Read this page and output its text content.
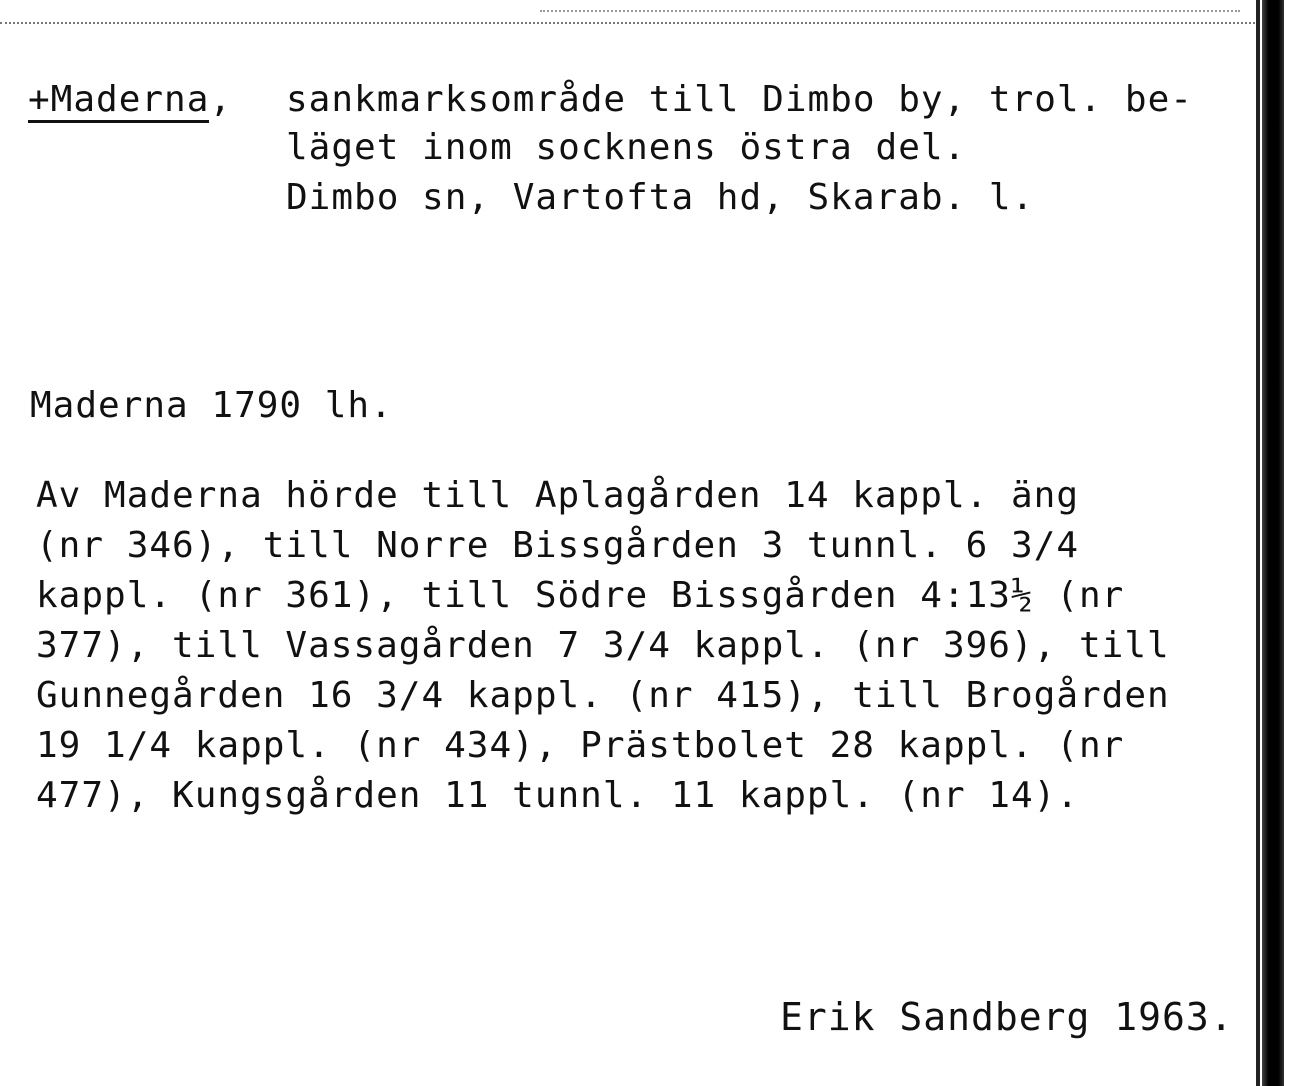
+Maderna, sankmarksområde till Dimbo by, trol. be-
läget inom socknens östra del.
Dimbo sn, Vartofta hd, Skarab. l.
Maderna 1790 lh.
Av Maderna hörde till Aplagården 14 kappl. äng
(nr 346), till Norre Bissgården 3 tunnl. 6 3/4
kappl. (nr 361), till Södre Bissgården 4:13½ (nr
377), till Vassagården 7 3/4 kappl. (nr 396), till
Gunnegården 16 3/4 kappl. (nr 415), till Brogården
19 1/4 kappl. (nr 434), Prästbolet 28 kappl. (nr
477), Kungsgården 11 tunnl. 11 kappl. (nr 14).
Erik Sandberg 1963.
